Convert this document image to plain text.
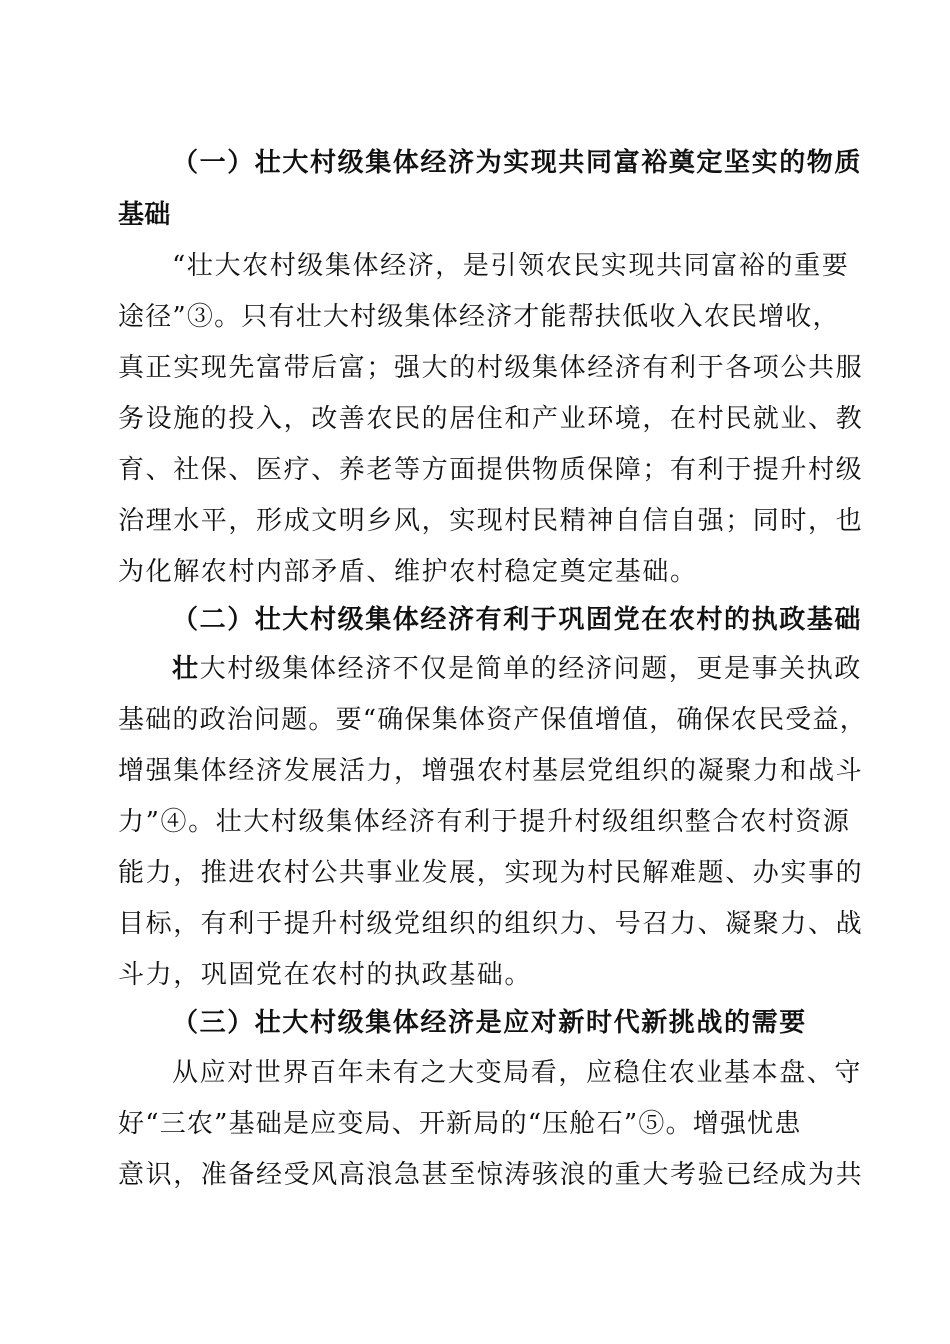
（一）壮大村级集体经济为实现共同富裕奠定坚实的物质
基础
“壮大农村级集体经济，是引领农民实现共同富裕的重要
途径”③。只有壮大村级集体经济才能帮扶低收入农民增收，
真正实现先富带后富；强大的村级集体经济有利于各项公共服
务设施的投入，改善农民的居住和产业环境，在村民就业、教
育、社保、医疗、养老等方面提供物质保障；有利于提升村级
治理水平，形成文明乡风，实现村民精神自信自强；同时，也
为化解农村内部矛盾、维护农村稳定奠定基础。
（二）壮大村级集体经济有利于巩固党在农村的执政基础
壮大村级集体经济不仅是简单的经济问题，更是事关执政
基础的政治问题。要“确保集体资产保值增值，确保农民受益，
增强集体经济发展活力，增强农村基层党组织的凝聚力和战斗
力”④。壮大村级集体经济有利于提升村级组织整合农村资源
能力，推进农村公共事业发展，实现为村民解难题、办实事的
目标，有利于提升村级党组织的组织力、号召力、凝聚力、战
斗力，巩固党在农村的执政基础。
（三）壮大村级集体经济是应对新时代新挑战的需要
从应对世界百年未有之大变局看，应稳住农业基本盘、守
好“三农”基础是应变局、开新局的“压舱石”⑤。增强忧患
意识，准备经受风高浪急甚至惊涛骇浪的重大考验已经成为共
